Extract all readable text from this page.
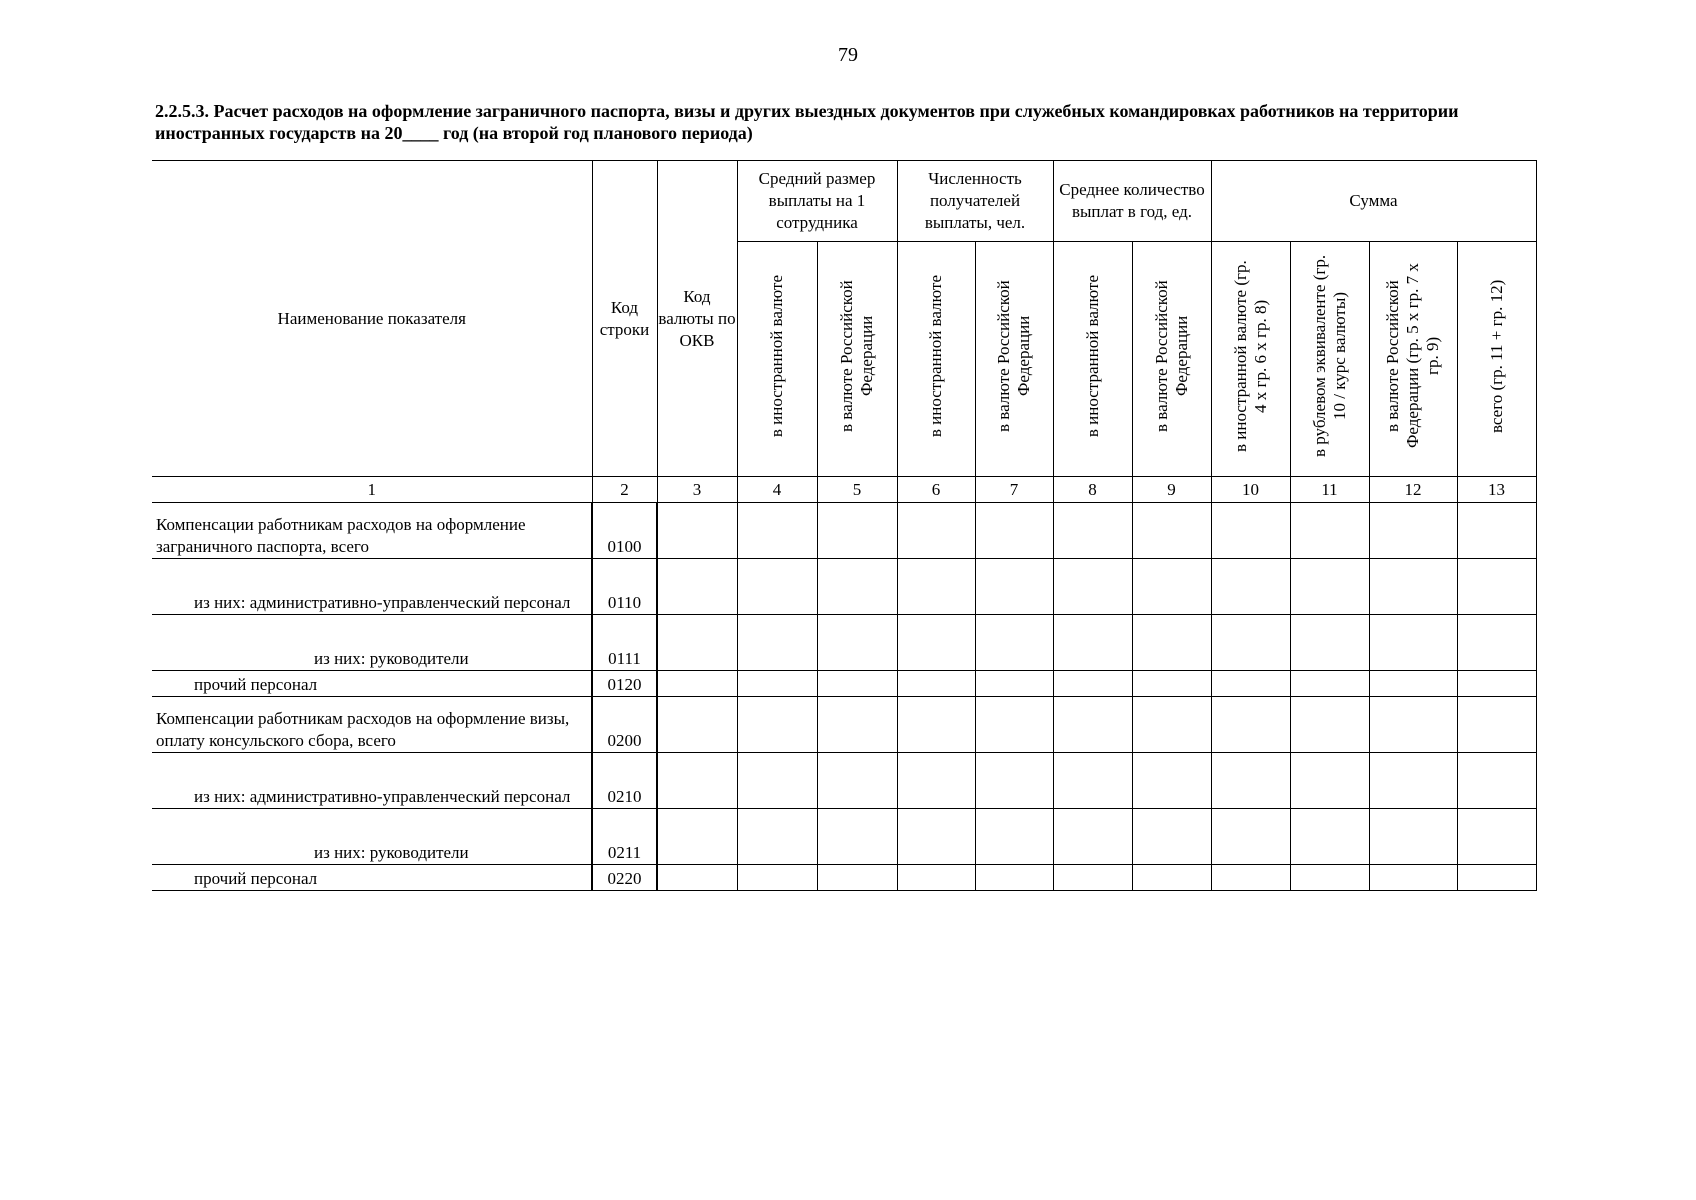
79
2.2.5.3. Расчет расходов на оформление заграничного паспорта, визы и других выездных документов при служебных командировках работников на территории иностранных государств на 20____ год (на второй год планового периода)
Наименование показателя	Код строки	Код валюты по ОКВ	Средний размер выплаты на 1 сотрудника		Численность получателей выплаты, чел.		Среднее количество выплат в год, ед.		Сумма			
			в иностранной валюте	в валюте Российской Федерации	в иностранной валюте	в валюте Российской Федерации	в иностранной валюте	в валюте Российской Федерации	в иностранной валюте (гр. 4 х гр. 6 х гр. 8)	в рублевом эквиваленте (гр. 10 / курс валюты)	в валюте Российской Федерации (гр. 5 х гр. 7 х гр. 9)	всего (гр. 11 + гр. 12)
1	2	3	4	5	6	7	8	9	10	11	12	13
Компенсации работникам расходов на оформление заграничного паспорта, всего	0100											
из них: административно-управленческий персонал	0110											
из них: руководители	0111											
прочий персонал	0120											
Компенсации работникам расходов на оформление визы, оплату консульского сбора, всего	0200											
из них: административно-управленческий персонал	0210											
из них: руководители	0211											
прочий персонал	0220											
